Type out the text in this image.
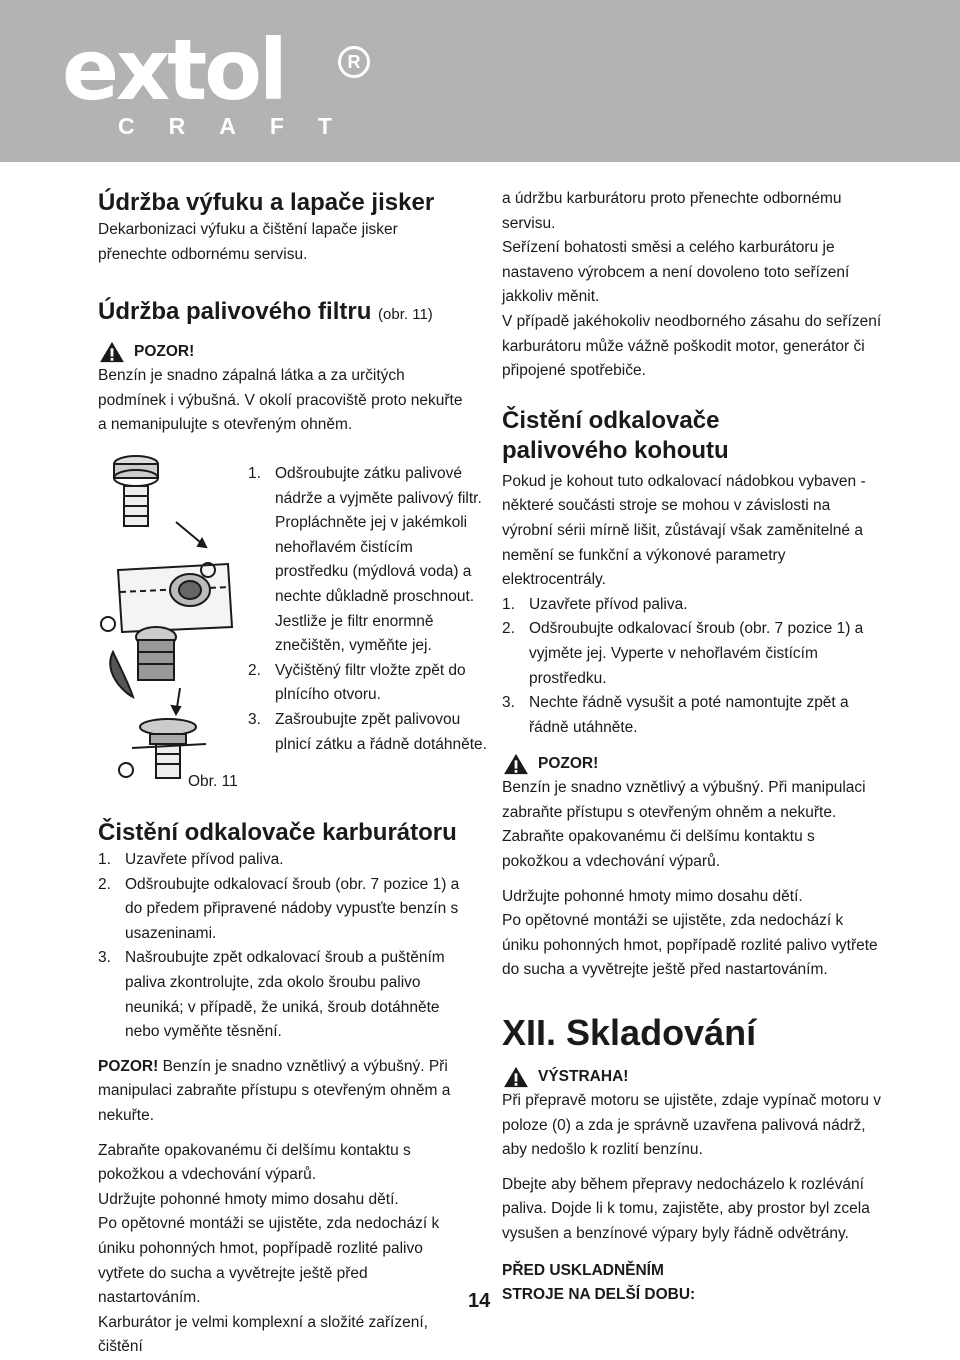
extol
CRAFT
R
Údržba výfuku a lapače jisker

Dekarbonizaci výfuku a čištění lapače jisker přenechte odbornému servisu.

Údržba palivového filtru (obr. 11)
POZOR!

Benzín je snadno zápalná látka a za určitých podmínek i výbušná. V okolí pracoviště proto nekuřte a nemanipulujte s otevřeným ohněm.

Obr. 11
1. Odšroubujte zátku palivové nádrže a vyjměte palivový filtr. Propláchněte jej v jakémkoli nehořlavém čistícím prostředku (mýdlová voda) a nechte důkladně proschnout. Jestliže je filtr enormně znečištěn, vyměňte jej.
2. Vyčištěný filtr vložte zpět do plnícího otvoru.
3. Zašroubujte zpět palivovou plnicí zátku a řádně dotáhněte.
Čistění odkalovače karburátoru
1. Uzavřete přívod paliva.
2. Odšroubujte odkalovací šroub (obr. 7 pozice 1) a do předem připravené nádoby vypusťte benzín s usazeninami.
3. Našroubujte zpět odkalovací šroub a puštěním paliva zkontrolujte, zda okolo šroubu palivo neuniká; v případě, že uniká, šroub dotáhněte nebo vyměňte těsnění.

POZOR! Benzín je snadno vznětlivý a výbušný. Při manipulaci zabraňte přístupu s otevřeným ohněm a nekuřte.

Zabraňte opakovanému či delšímu kontaktu s pokožkou a vdechování výparů.

Udržujte pohonné hmoty mimo dosahu dětí.

Po opětovné montáži se ujistěte, zda nedochází k úniku pohonných hmot, popřípadě rozlité palivo vytřete do sucha a vyvětrejte ještě před nastartováním.

Karburátor je velmi komplexní a složité zařízení, čištění

a údržbu karburátoru proto přenechte odbornému servisu.

Seřízení bohatosti směsi a celého karburátoru je nastaveno výrobcem a není dovoleno toto seřízení jakkoliv měnit.

V případě jakéhokoliv neodborného zásahu do seřízení karburátoru může vážně poškodit motor, generátor či připojené spotřebiče.

Čistění odkalovače
palivového kohoutu

Pokud je kohout tuto odkalovací nádobkou vybaven - některé součásti stroje se mohou v závislosti na výrobní sérii mírně lišit, zůstávají však zaměnitelné a nemění se funkční a výkonové parametry elektrocentrály.

1. Uzavřete přívod paliva.
2. Odšroubujte odkalovací šroub (obr. 7 pozice 1) a vyjměte jej. Vyperte v nehořlavém čistícím prostředku.
3. Nechte řádně vysušit a poté namontujte zpět a řádně utáhněte.
POZOR!

Benzín je snadno vznětlivý a výbušný. Při manipulaci zabraňte přístupu s otevřeným ohněm a nekuřte. Zabraňte opakovanému či delšímu kontaktu s pokožkou a vdechování výparů.

Udržujte pohonné hmoty mimo dosahu dětí.

Po opětovné montáži se ujistěte, zda nedochází k úniku pohonných hmot, popřípadě rozlité palivo vytřete do sucha a vyvětrejte ještě před nastartováním.

XII. Skladování
VÝSTRAHA!

Při přepravě motoru se ujistěte, zdaje vypínač motoru v poloze (0) a zda je správně uzavřena palivová nádrž, aby nedošlo k rozlití benzínu.

Dbejte aby během přepravy nedocházelo k rozlévání paliva. Dojde li k tomu, zajistěte, aby prostor byl zcela vysušen a benzínové výpary byly řádně odvětrány.

PŘED USKLADNĚNÍM
STROJE NA DELŠÍ DOBU:

14
